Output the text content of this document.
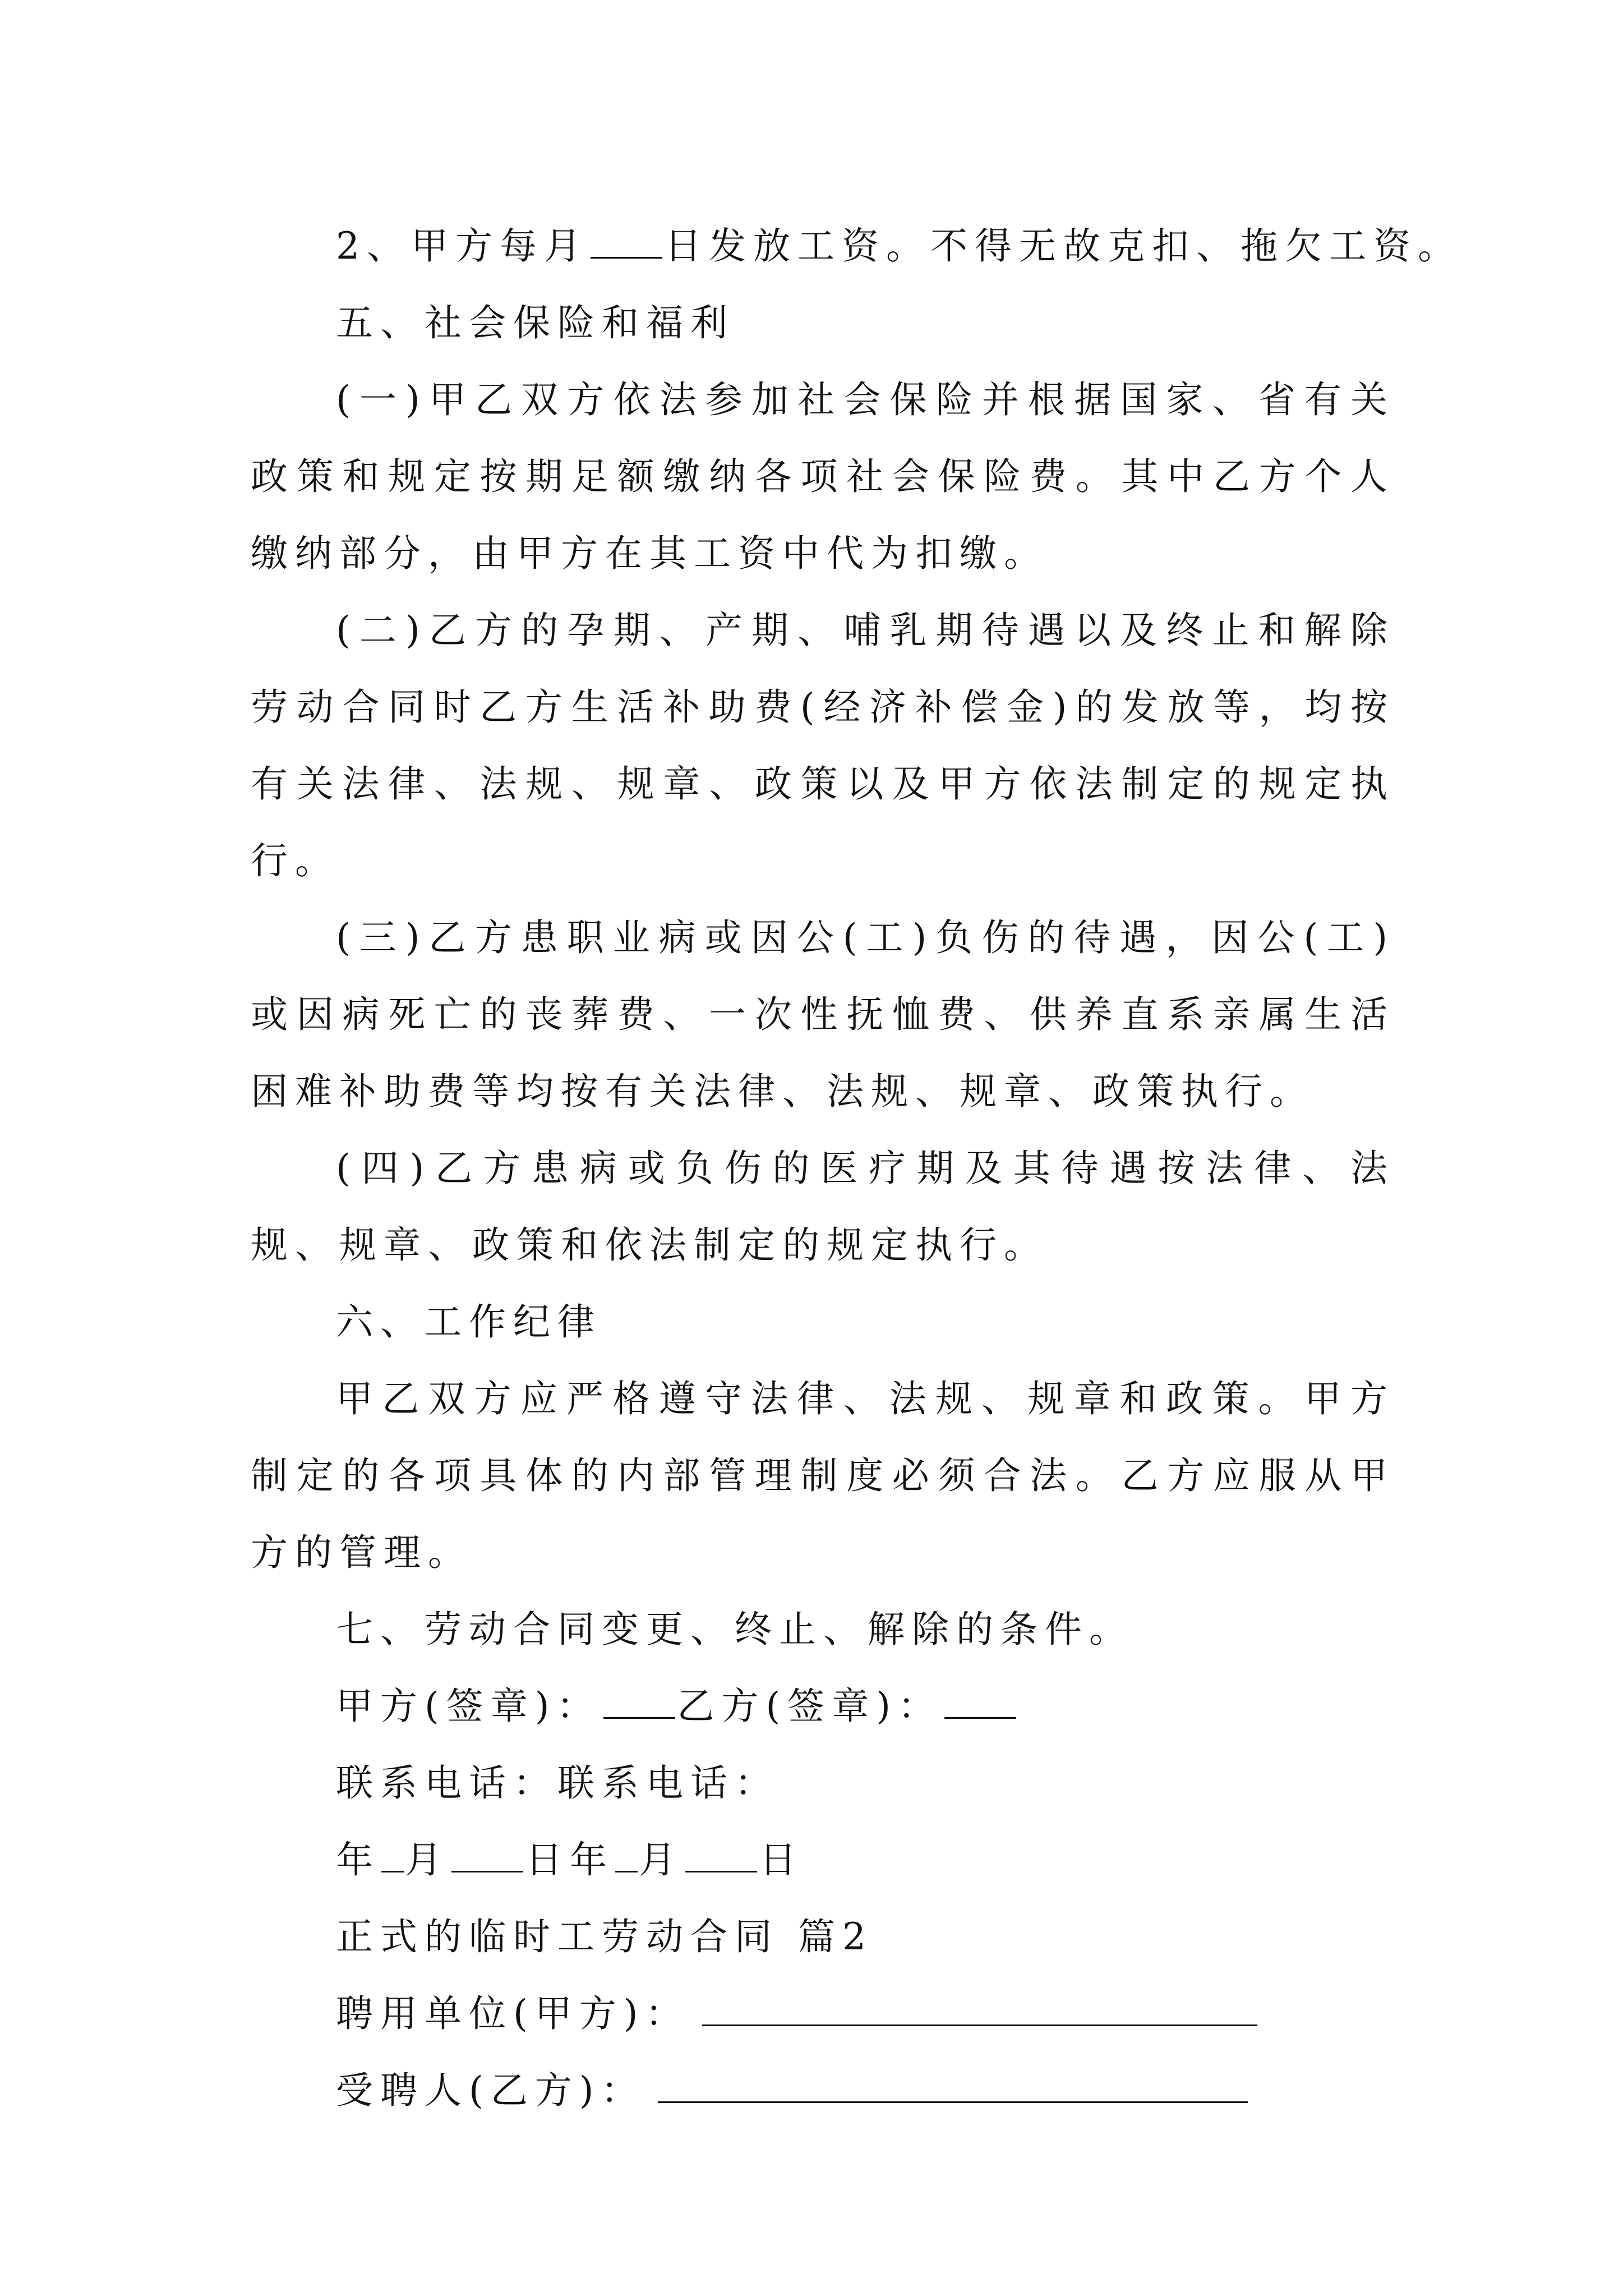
2、甲方每月 日发放工资。不得无故克扣、拖欠工资。

五、社会保险和福利

(一)甲乙双方依法参加社会保险并根据国家、省有关政策和规定按期足额缴纳各项社会保险费。其中乙方个人缴纳部分，由甲方在其工资中代为扣缴。

(二)乙方的孕期、产期、哺乳期待遇以及终止和解除劳动合同时乙方生活补助费(经济补偿金)的发放等，均按有关法律、法规、规章、政策以及甲方依法制定的规定执行。

(三)乙方患职业病或因公(工)负伤的待遇，因公(工)或因病死亡的丧葬费、一次性抚恤费、供养直系亲属生活困难补助费等均按有关法律、法规、规章、政策执行。

(四)乙方患病或负伤的医疗期及其待遇按法律、法规、规章、政策和依法制定的规定执行。

六、工作纪律

甲乙双方应严格遵守法律、法规、规章和政策。甲方制定的各项具体的内部管理制度必须合法。乙方应服从甲方的管理。

七、劳动合同变更、终止、解除的条件。

甲方(签章)： 乙方(签章)：

联系电话：联系电话：

年 月 日年 月 日

正式的临时工劳动合同 篇2

聘用单位(甲方)：

受聘人(乙方)：
